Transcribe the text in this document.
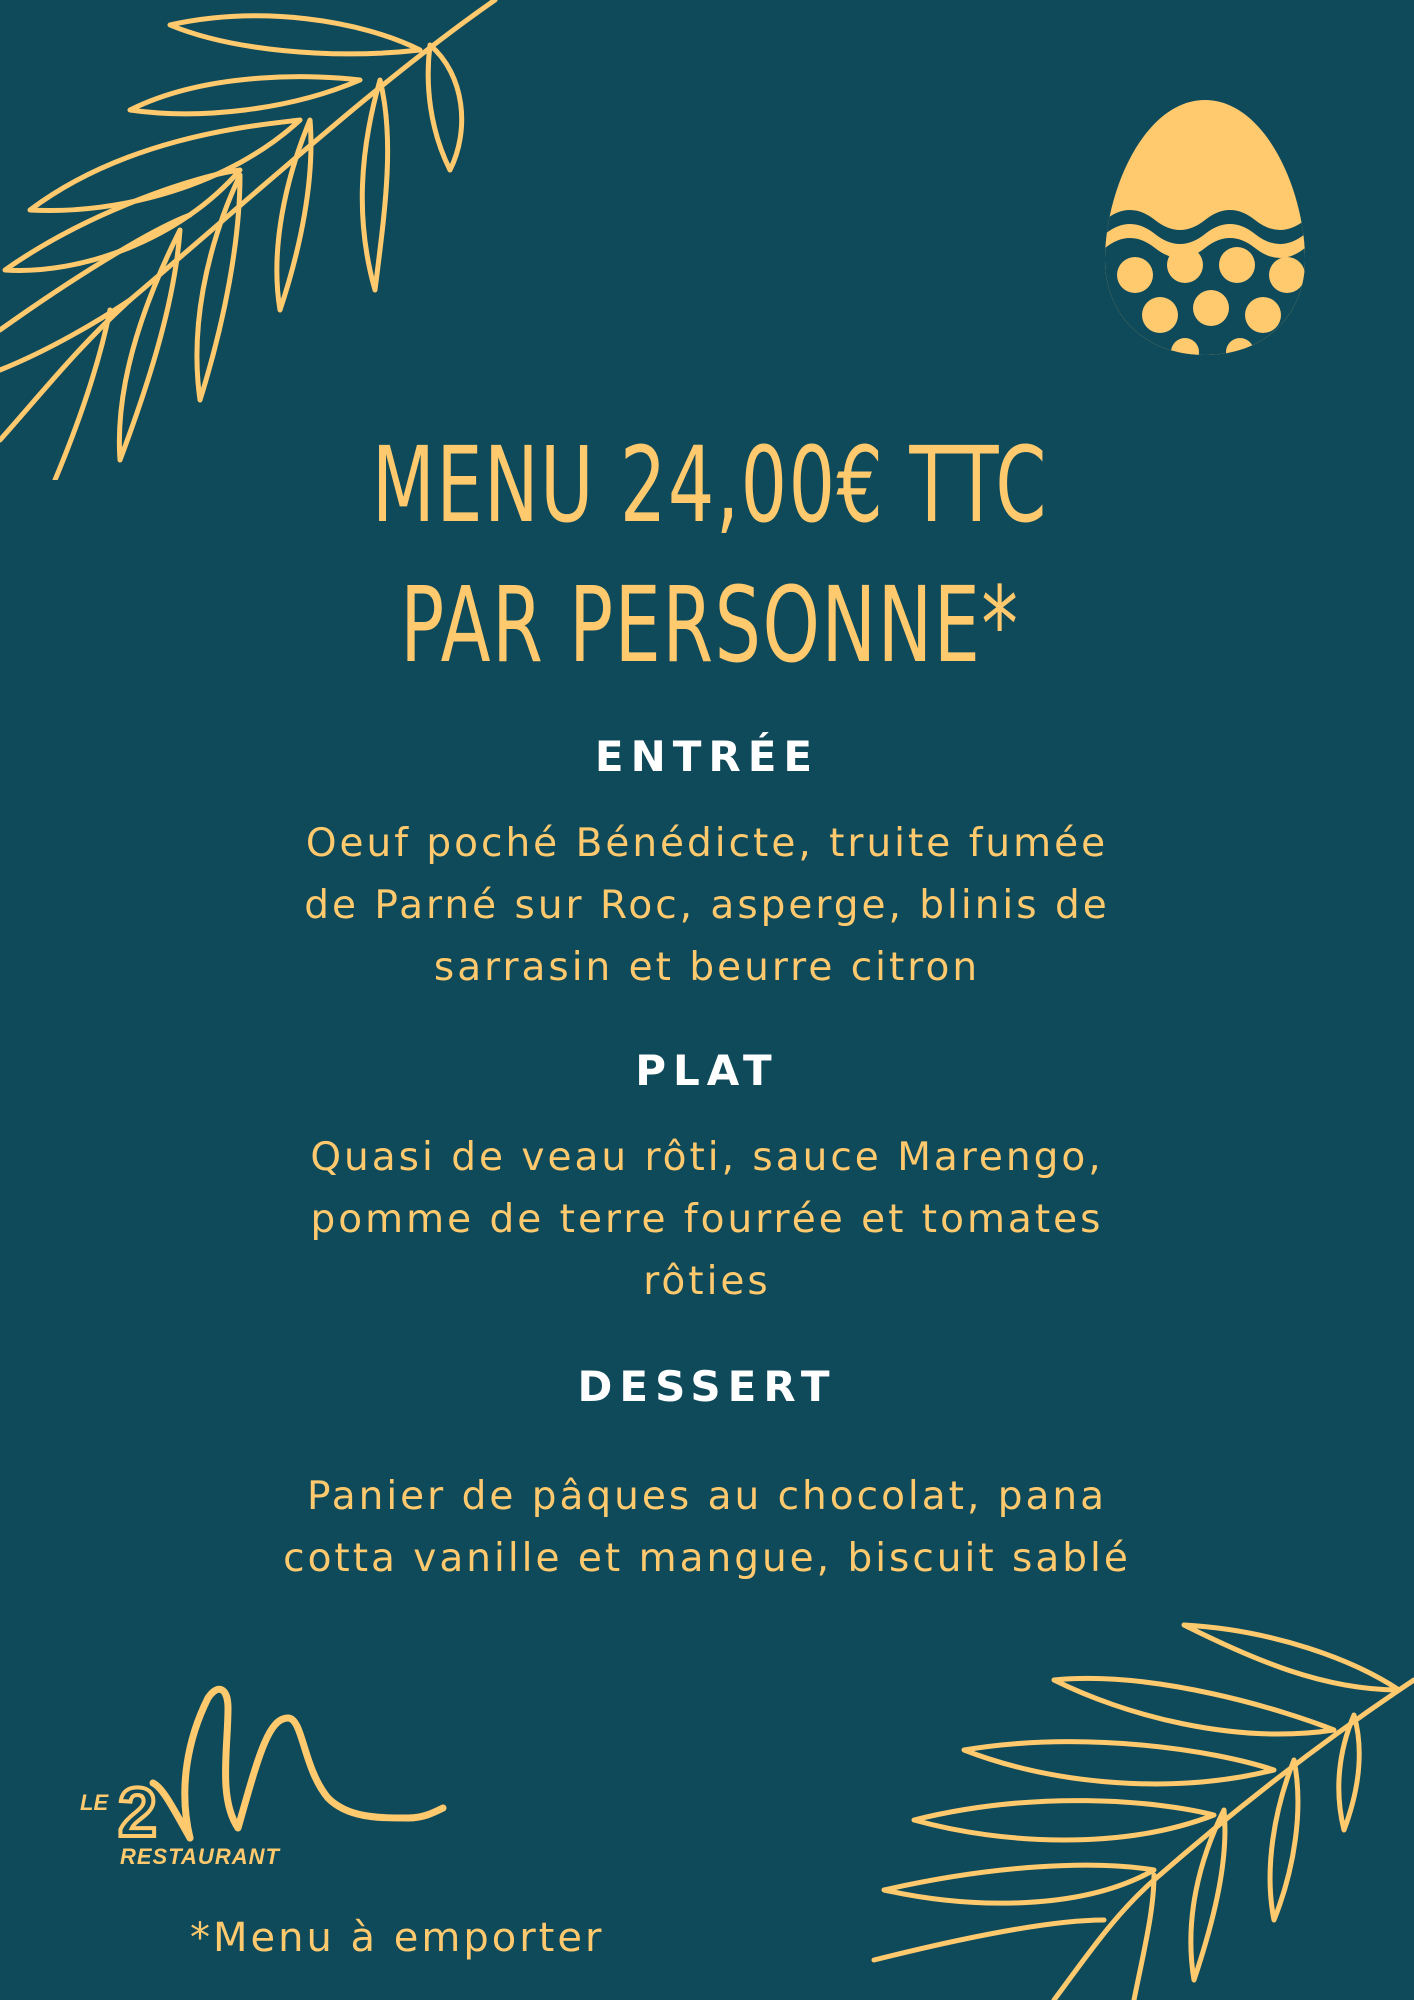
MENU 24,00€ TTC
PAR PERSONNE*
ENTRÉE
Oeuf poché Bénédicte, truite fumée
de Parné sur Roc, asperge, blinis de
sarrasin et beurre citron
PLAT
Quasi de veau rôti, sauce Marengo,
pomme de terre fourrée et tomates
rôties
DESSERT
Panier de pâques au chocolat, pana
cotta vanille et mangue, biscuit sablé
LE 2
RESTAURANT
*Menu à emporter
